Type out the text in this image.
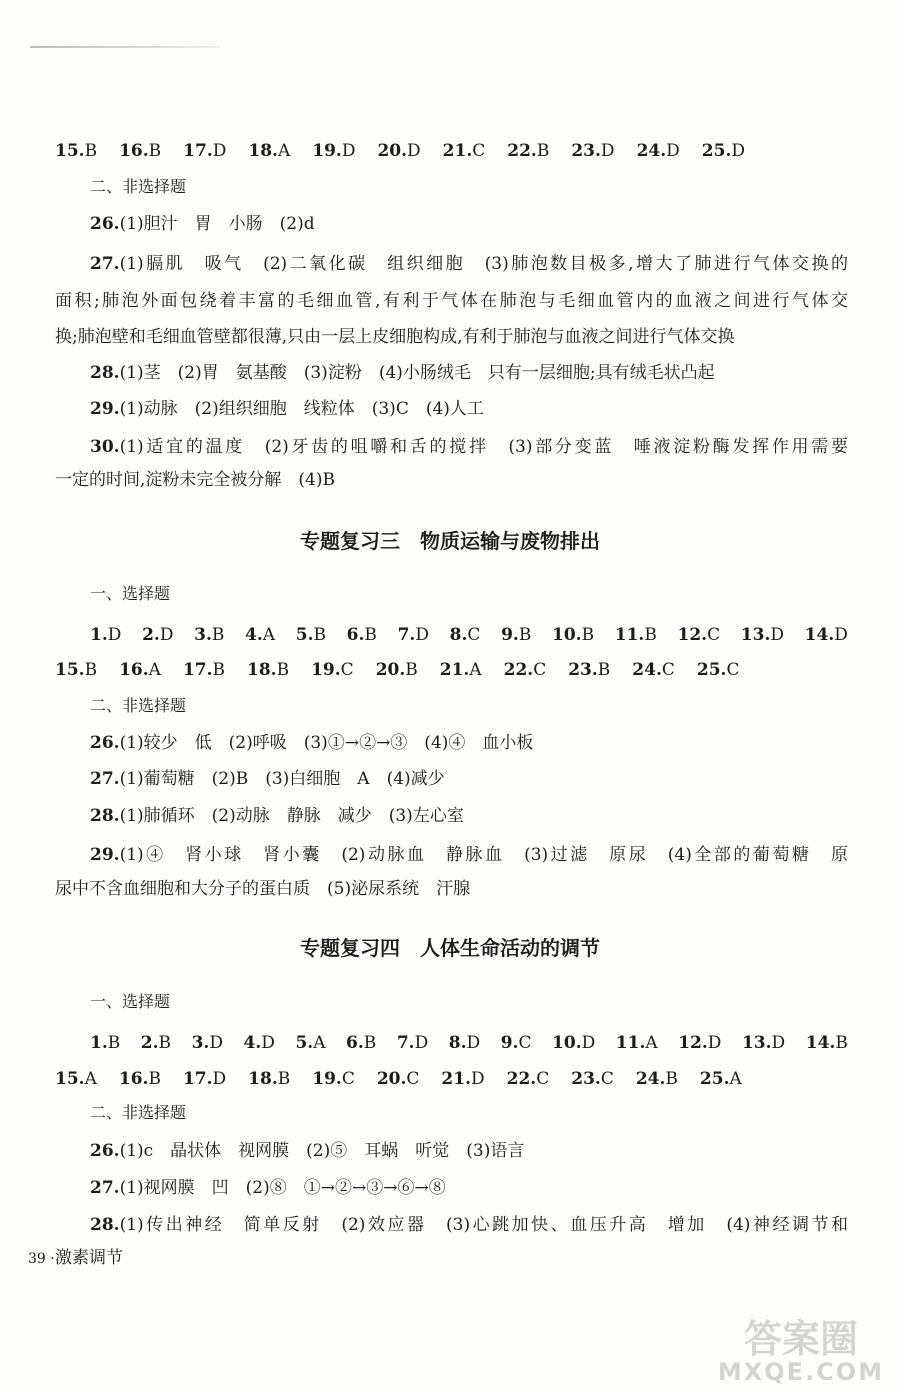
15.B 16.B 17.D 18.A 19.D 20.D 21.C 22.B 23.D 24.D 25.D
二、非选择题
26.(1)胆汁　胃　小肠　(2)d
27.(1)膈肌　吸气　(2)二氧化碳　组织细胞　(3)肺泡数目极多,增大了肺进行气体交换的
面积;肺泡外面包绕着丰富的毛细血管,有利于气体在肺泡与毛细血管内的血液之间进行气体交
换;肺泡壁和毛细血管壁都很薄,只由一层上皮细胞构成,有利于肺泡与血液之间进行气体交换
28.(1)茎　(2)胃　氨基酸　(3)淀粉　(4)小肠绒毛　只有一层细胞;具有绒毛状凸起
29.(1)动脉　(2)组织细胞　线粒体　(3)C　(4)人工
30.(1)适宜的温度　(2)牙齿的咀嚼和舌的搅拌　(3)部分变蓝　唾液淀粉酶发挥作用需要
一定的时间,淀粉未完全被分解　(4)B
专题复习三　物质运输与废物排出
一、选择题
1.D 2.D 3.B 4.A 5.B 6.B 7.D 8.C 9.B 10.B 11.B 12.C 13.D 14.D
15.B 16.A 17.B 18.B 19.C 20.B 21.A 22.C 23.B 24.C 25.C
二、非选择题
26.(1)较少　低　(2)呼吸　(3)①→②→③　(4)④　血小板
27.(1)葡萄糖　(2)B　(3)白细胞　A　(4)减少
28.(1)肺循环　(2)动脉　静脉　减少　(3)左心室
29.(1)④　肾小球　肾小囊　(2)动脉血　静脉血　(3)过滤　原尿　(4)全部的葡萄糖　原
尿中不含血细胞和大分子的蛋白质　(5)泌尿系统　汗腺
专题复习四　人体生命活动的调节
一、选择题
1.B 2.B 3.D 4.D 5.A 6.B 7.D 8.D 9.C 10.D 11.A 12.D 13.D 14.B
15.A 16.B 17.D 18.B 19.C 20.C 21.D 22.C 23.C 24.B 25.A
二、非选择题
26.(1)c　晶状体　视网膜　(2)⑤　耳蜗　听觉　(3)语言
27.(1)视网膜　凹　(2)⑧　①→②→③→⑥→⑧
28.(1)传出神经　简单反射　(2)效应器　(3)心跳加快、血压升高　增加　(4)神经调节和
激素调节
39 ·
答案圈
MXQE.COM
